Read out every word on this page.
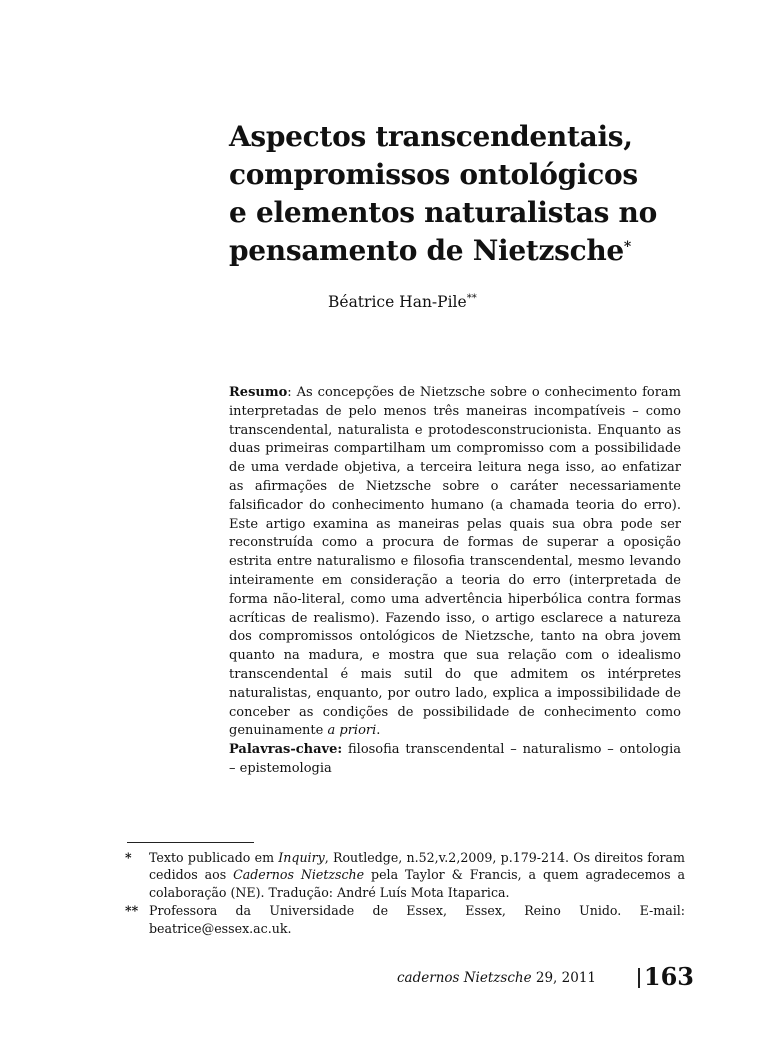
Aspectos transcendentais,
compromissos ontológicos
e elementos naturalistas no
pensamento de Nietzsche*
Béatrice Han-Pile**

Resumo: As concepções de Nietzsche sobre o conhecimento foram interpretadas de pelo menos três maneiras incompatíveis – como transcendental, naturalista e protodesconstrucionista. Enquanto as duas primeiras compartilham um compromisso com a possibilidade de uma verdade objetiva, a terceira leitura nega isso, ao enfatizar as afirmações de Nietzsche sobre o caráter necessariamente falsificador do conhecimento humano (a chamada teoria do erro). Este artigo examina as maneiras pelas quais sua obra pode ser reconstruída como a procura de formas de superar a oposição estrita entre naturalismo e filosofia transcendental, mesmo levando inteiramente em consideração a teoria do erro (interpretada de forma não-literal, como uma advertência hiperbólica contra formas acríticas de realismo). Fazendo isso, o artigo esclarece a natureza dos compromissos ontológicos de Nietzsche, tanto na obra jovem quanto na madura, e mostra que sua relação com o idealismo transcendental é mais sutil do que admitem os intérpretes naturalistas, enquanto, por outro lado, explica a impossibilidade de conceber as condições de possibilidade de conhecimento como genuinamente a priori.

Palavras-chave: filosofia transcendental – naturalismo – ontologia – epistemologia

* Texto publicado em Inquiry, Routledge, n.52,v.2,2009, p.179-214. Os direitos foram cedidos aos Cadernos Nietzsche pela Taylor & Francis, a quem agradecemos a colaboração (NE). Tradução: André Luís Mota Itaparica.
** Professora da Universidade de Essex, Essex, Reino Unido. E-mail: beatrice@essex.ac.uk.
cadernos Nietzsche 29, 2011 163
